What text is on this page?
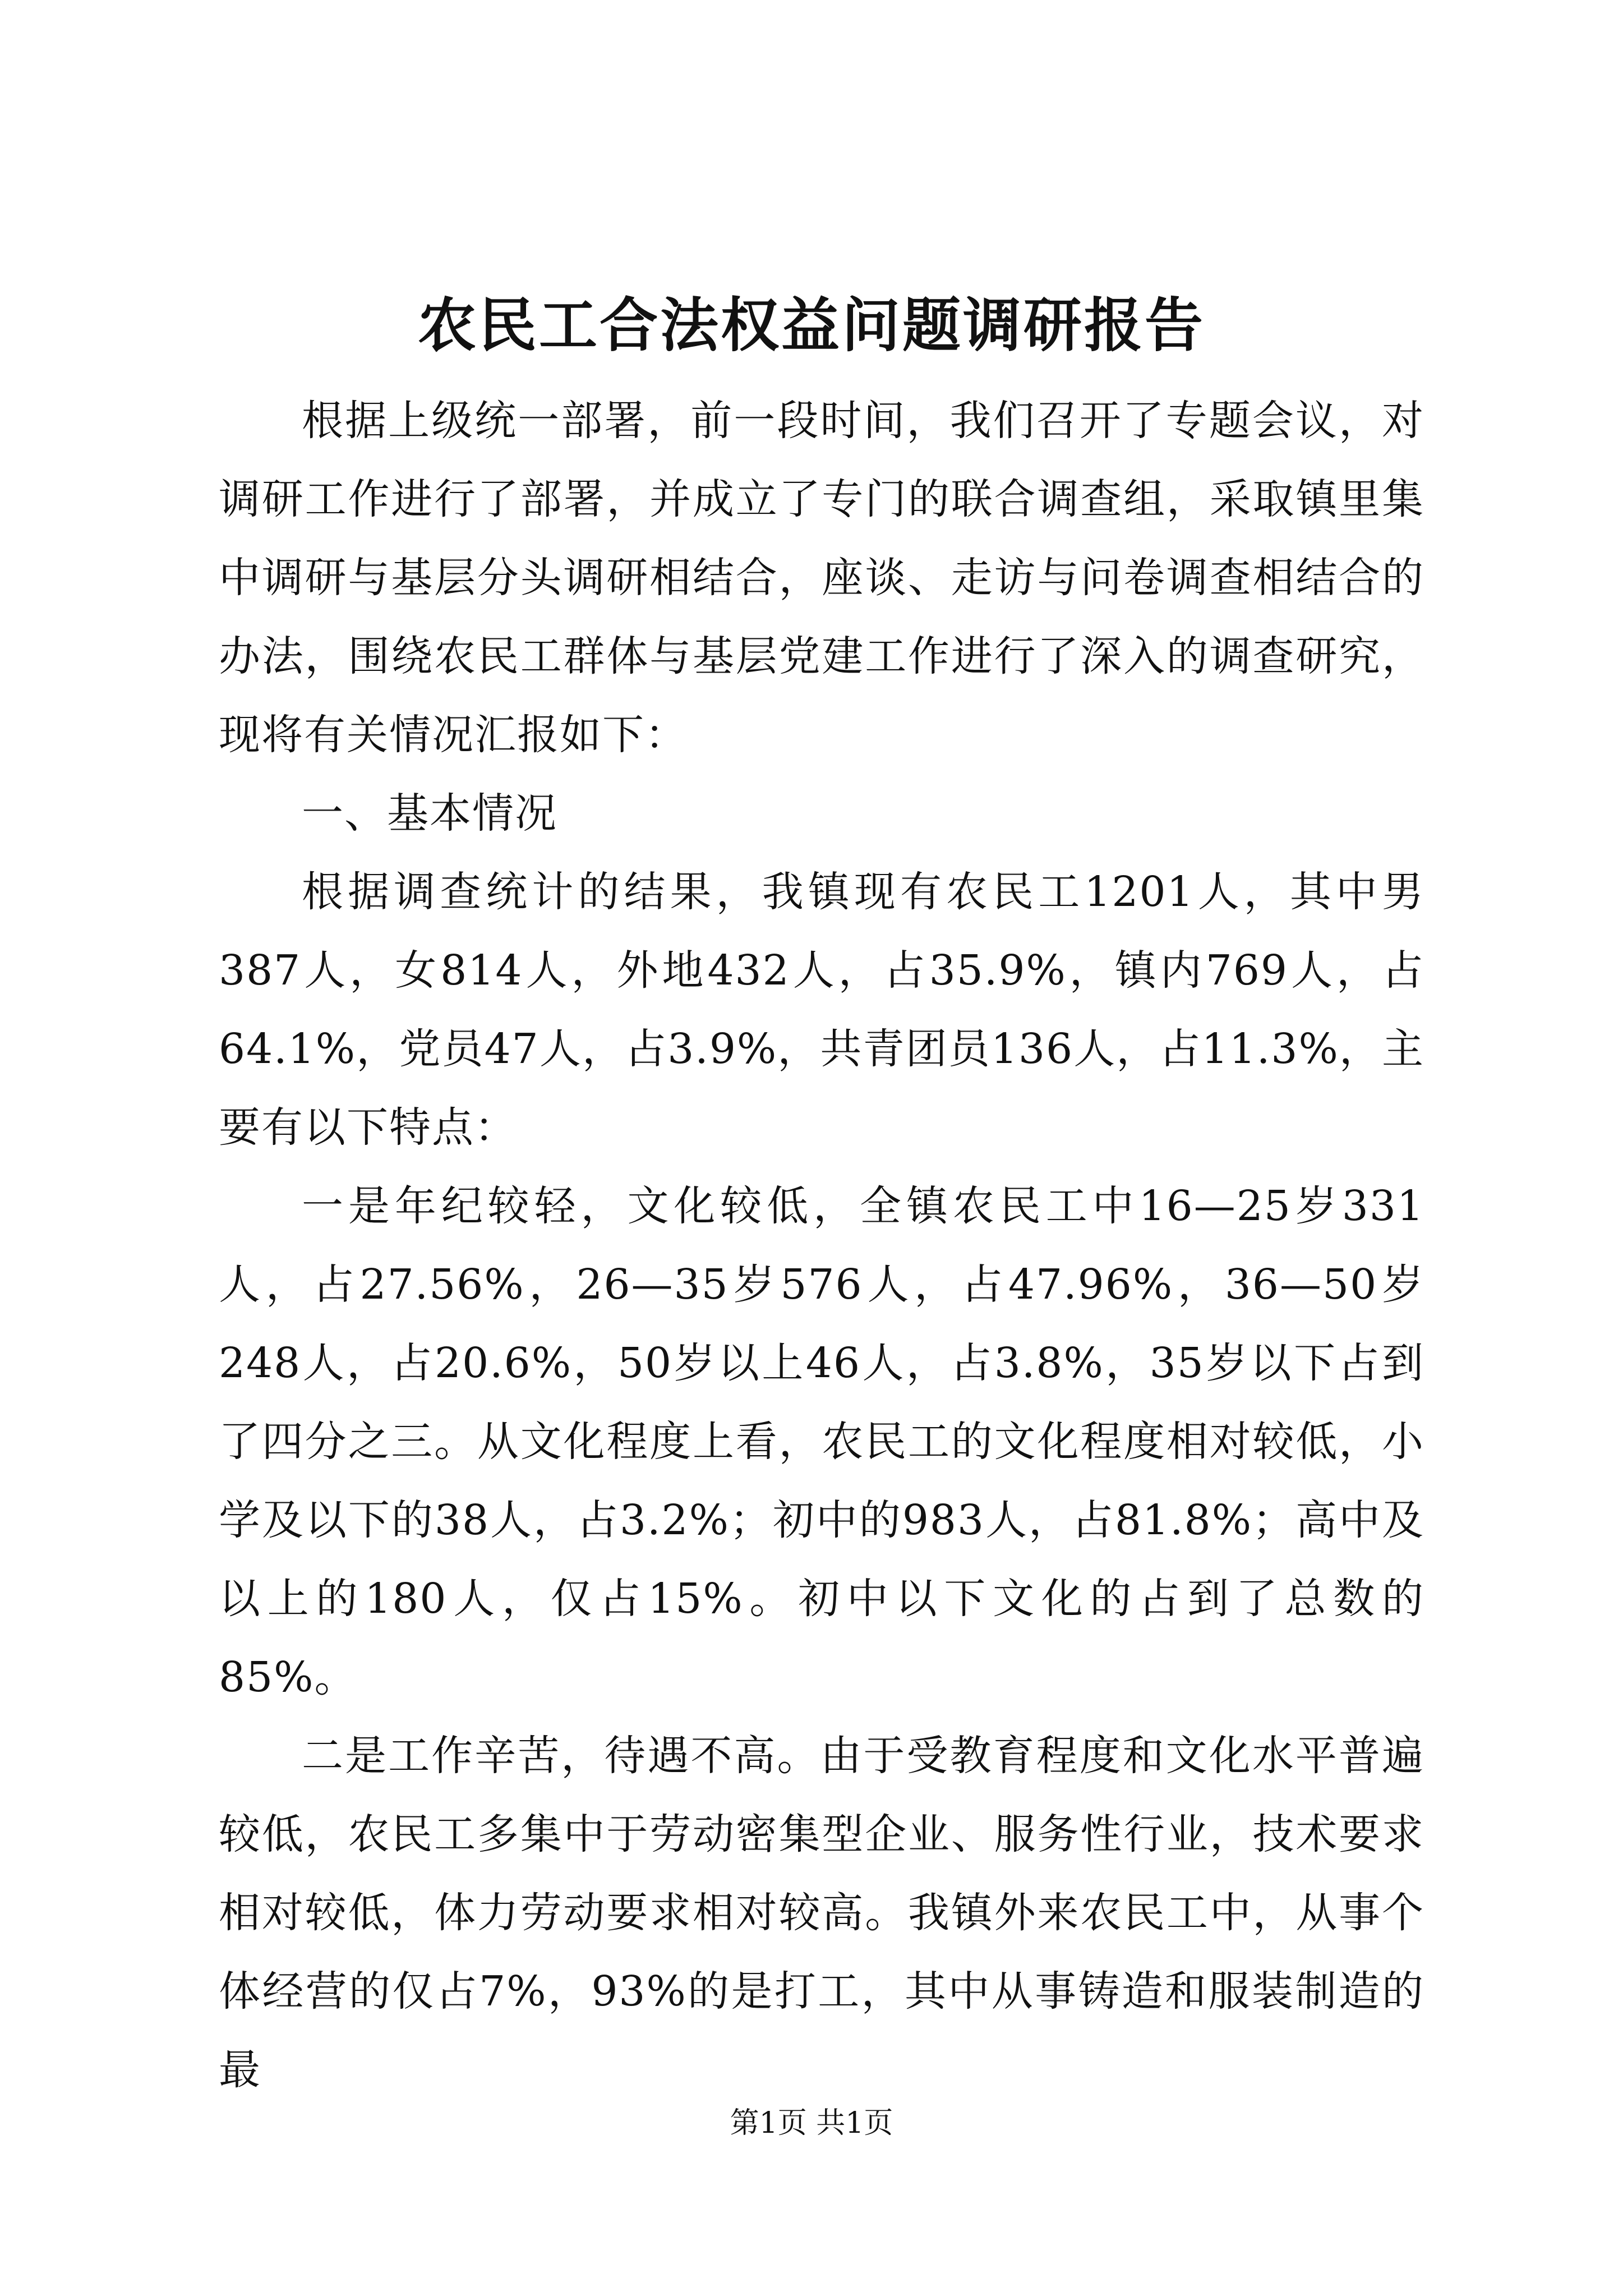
农民工合法权益问题调研报告

根据上级统一部署，前一段时间，我们召开了专题会议，对调研工作进行了部署，并成立了专门的联合调查组，采取镇里集中调研与基层分头调研相结合，座谈、走访与问卷调查相结合的办法，围绕农民工群体与基层党建工作进行了深入的调查研究，现将有关情况汇报如下：

一、基本情况

根据调查统计的结果，我镇现有农民工1201人，其中男387人，女814人，外地432人，占35.9%，镇内769人，占64.1%，党员47人，占3.9%，共青团员136人，占11.3%，主要有以下特点：

一是年纪较轻，文化较低，全镇农民工中16—25岁331人，占27.56%，26—35岁576人，占47.96%，36—50岁248人，占20.6%，50岁以上46人，占3.8%，35岁以下占到了四分之三。从文化程度上看，农民工的文化程度相对较低，小学及以下的38人，占3.2%；初中的983人，占81.8%；高中及以上的180人，仅占15%。初中以下文化的占到了总数的85%。

二是工作辛苦，待遇不高。由于受教育程度和文化水平普遍较低，农民工多集中于劳动密集型企业、服务性行业，技术要求相对较低，体力劳动要求相对较高。我镇外来农民工中，从事个体经营的仅占7%，93%的是打工，其中从事铸造和服装制造的最

第1页 共1页
